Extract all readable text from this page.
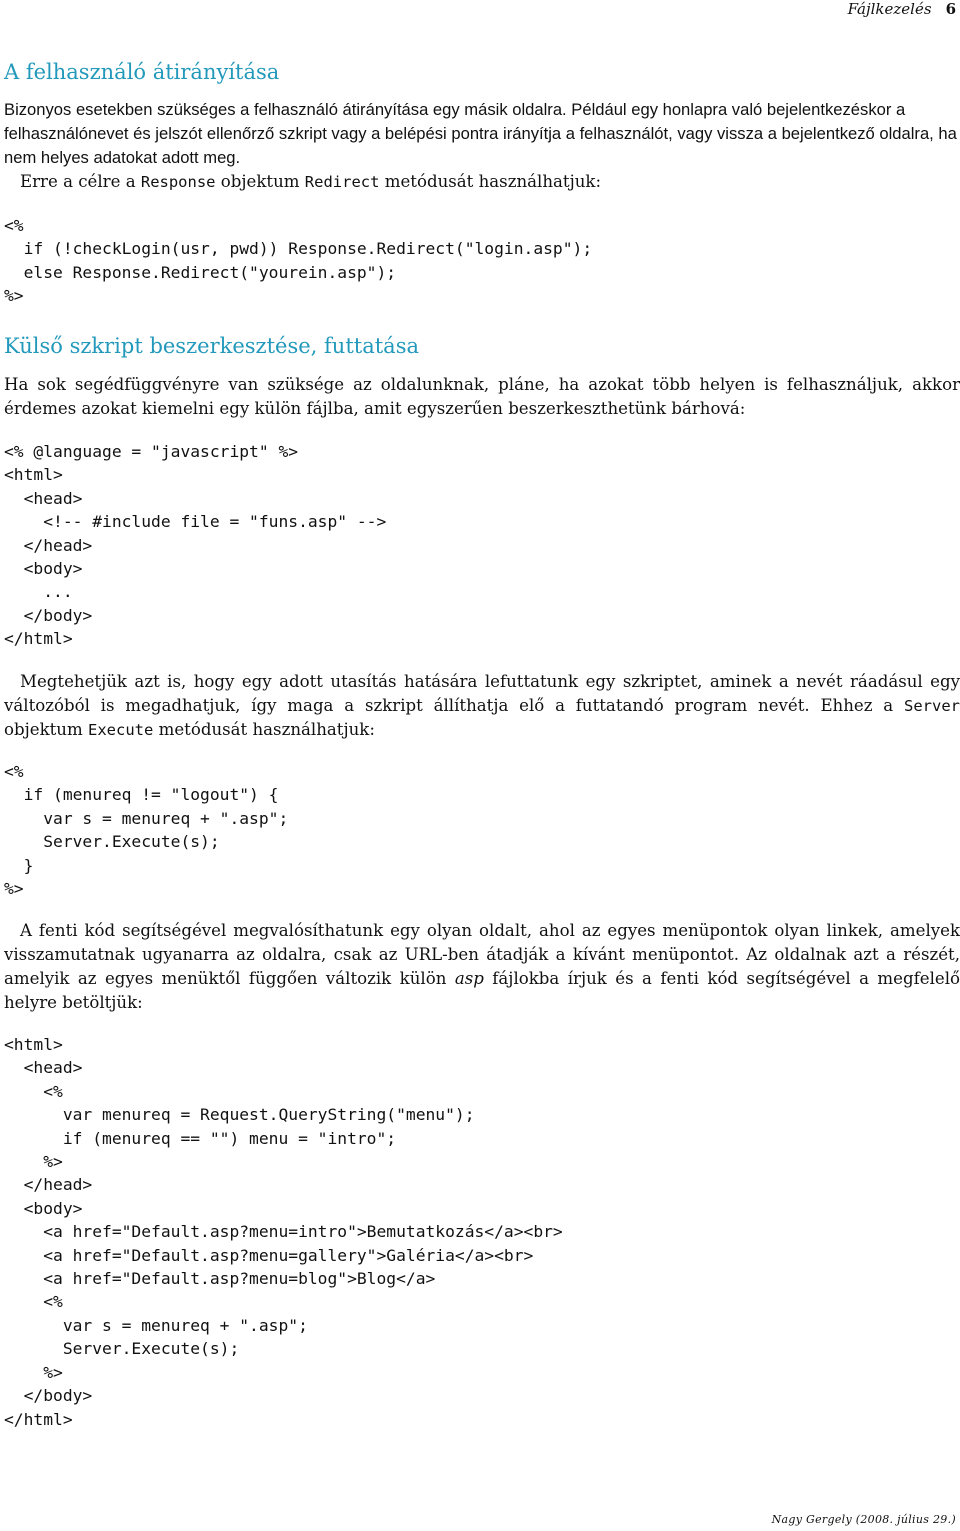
Fájlkezelés 6
A felhasználó átirányítása

Bizonyos esetekben szükséges a felhasználó átirányítása egy másik oldalra. Például egy honlapra való bejelentkezéskor a felhasználónevet és jelszót ellenőrző szkript vagy a belépési pontra irányítja a felhasználót, vagy vissza a bejelentkező oldalra, ha nem helyes adatokat adott meg.

Erre a célre a Response objektum Redirect metódusát használhatjuk:

<%
if (!checkLogin(usr, pwd)) Response.Redirect("login.asp");
else Response.Redirect("yourein.asp");
%>
Külső szkript beszerkesztése, futtatása

Ha sok segédfüggvényre van szüksége az oldalunknak, pláne, ha azokat több helyen is felhasználjuk, akkor érdemes azokat kiemelni egy külön fájlba, amit egyszerűen beszerkeszthetünk bárhová:

<% @language = "javascript" %>
<html>
<head>
<!-- #include file = "funs.asp" -->
</head>
<body>
...
</body>
</html>

Megtehetjük azt is, hogy egy adott utasítás hatására lefuttatunk egy szkriptet, aminek a nevét ráadásul egy változóból is megadhatjuk, így maga a szkript állíthatja elő a futtatandó program nevét. Ehhez a Server objektum Execute metódusát használhatjuk:

<%
if (menureq != "logout") {
var s = menureq + ".asp";
Server.Execute(s);
}
%>

A fenti kód segítségével megvalósíthatunk egy olyan oldalt, ahol az egyes menüpontok olyan linkek, amelyek visszamutatnak ugyanarra az oldalra, csak az URL-ben átadják a kívánt menüpontot. Az oldalnak azt a részét, amelyik az egyes menüktől függően változik külön asp fájlokba írjuk és a fenti kód segítségével a megfelelő helyre betöltjük:

<html>
<head>
<%
var menureq = Request.QueryString("menu");
if (menureq == "") menu = "intro";
%>
</head>
<body>
<a href="Default.asp?menu=intro">Bemutatkozás</a><br>
<a href="Default.asp?menu=gallery">Galéria</a><br>
<a href="Default.asp?menu=blog">Blog</a>
<%
var s = menureq + ".asp";
Server.Execute(s);
%>
</body>
</html>
Nagy Gergely (2008. július 29.)
